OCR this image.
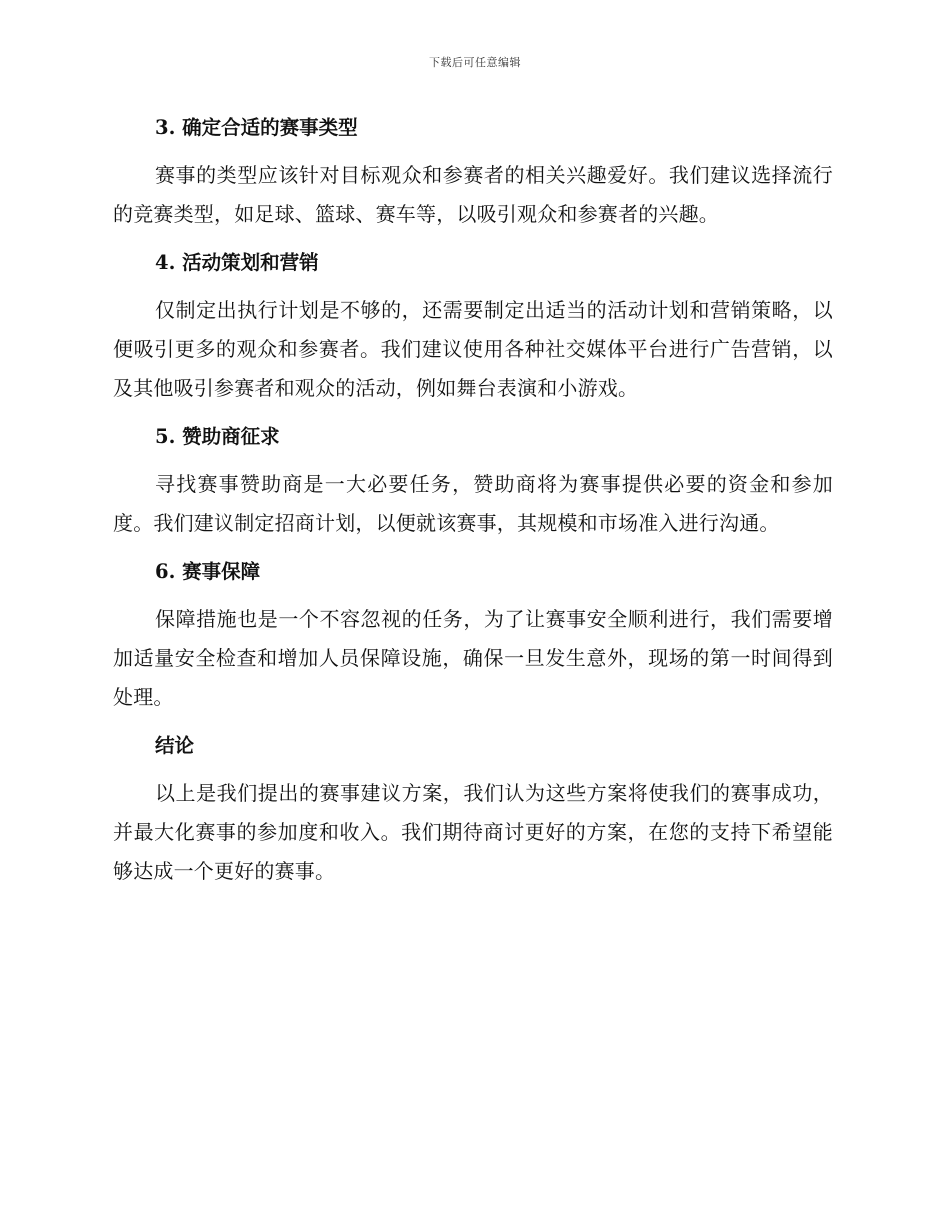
下载后可任意编辑
3. 确定合适的赛事类型

赛事的类型应该针对目标观众和参赛者的相关兴趣爱好。我们建议选择流行的竞赛类型，如足球、篮球、赛车等，以吸引观众和参赛者的兴趣。

4. 活动策划和营销

仅制定出执行计划是不够的，还需要制定出适当的活动计划和营销策略，以便吸引更多的观众和参赛者。我们建议使用各种社交媒体平台进行广告营销，以及其他吸引参赛者和观众的活动，例如舞台表演和小游戏。

5. 赞助商征求

寻找赛事赞助商是一大必要任务，赞助商将为赛事提供必要的资金和参加度。我们建议制定招商计划，以便就该赛事，其规模和市场准入进行沟通。

6. 赛事保障

保障措施也是一个不容忽视的任务，为了让赛事安全顺利进行，我们需要增加适量安全检查和增加人员保障设施，确保一旦发生意外，现场的第一时间得到处理。

结论

以上是我们提出的赛事建议方案，我们认为这些方案将使我们的赛事成功，并最大化赛事的参加度和收入。我们期待商讨更好的方案，在您的支持下希望能够达成一个更好的赛事。
